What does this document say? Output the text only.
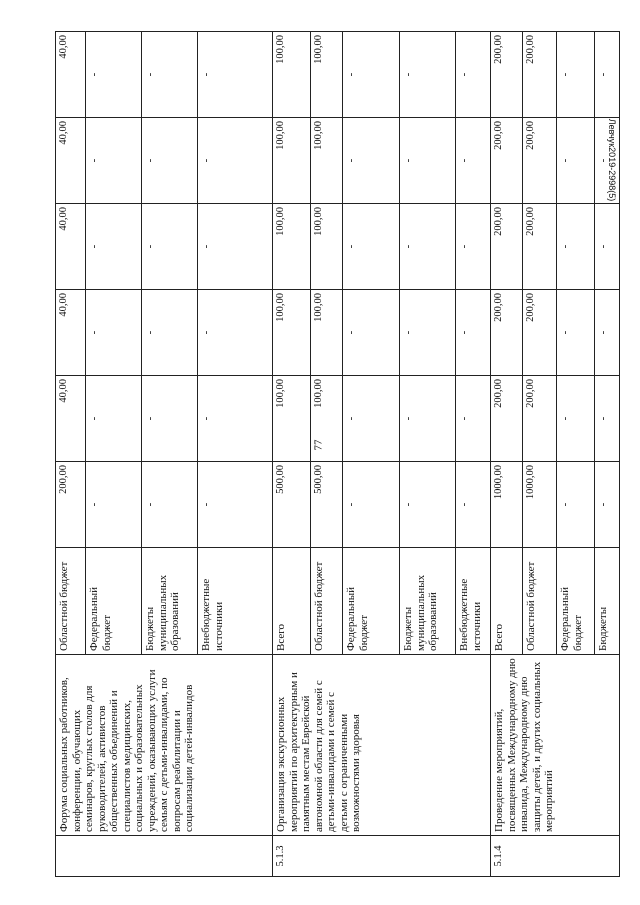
77
Левчук2019-2998(5)
	Форума социальных работников, конференции, обучающих семинаров, круглых столов для руководителей, активистов общественных объединений и специалистов медицинских, социальных и образовательных учреждений, оказывающих услуги семьям с детьми-инвалидами, по вопросам реабилитации и социализации детей-инвалидов	Областной бюджет	200,00	40,00	40,00	40,00	40,00	40,00
		Федеральный бюджет	-	-	-	-	-	-
		Бюджеты муниципальных образований	-	-	-	-	-	-
		Внебюджетные источники	-	-	-	-	-	-
5.1.3	Организация экскурсионных мероприятий по архитектурным и памятным местам Еврейской автономной области для семей с детьми-инвалидами и семей с детьми с ограниченными возможностями здоровья	Всего	500,00	100,00	100,00	100,00	100,00	100,00
		Областной бюджет	500,00	100,00	100,00	100,00	100,00	100,00
		Федеральный бюджет	-	-	-	-	-	-
		Бюджеты муниципальных образований	-	-	-	-	-	-
		Внебюджетные источники	-	-	-	-	-	-
5.1.4	Проведение мероприятий, посвященных Международному дню инвалида, Международному дню защиты детей, и других социальных мероприятий	Всего	1000,00	200,00	200,00	200,00	200,00	200,00
		Областной бюджет	1000,00	200,00	200,00	200,00	200,00	200,00
		Федеральный бюджет	-	-	-	-	-	-
		Бюджеты	-	-	-	-	-	-
